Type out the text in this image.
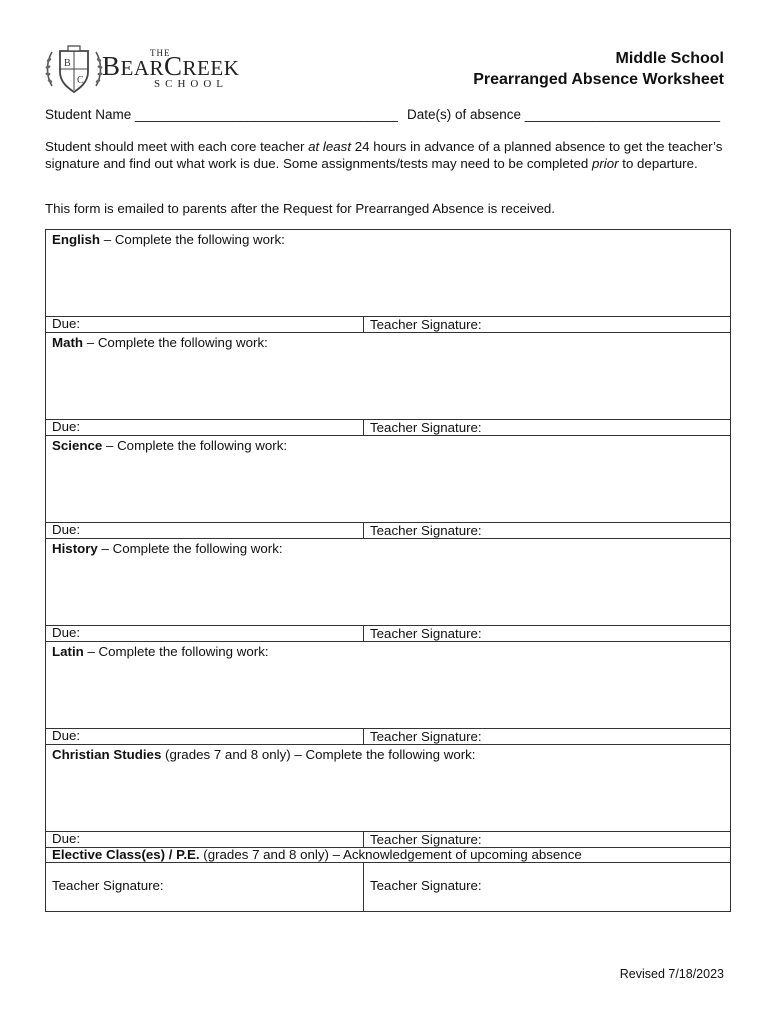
B
C
THE
BEARCREEK
SCHOOL
Middle School
Prearranged Absence Worksheet
Student Name ___________________________________ Date(s) of absence __________________________
Student should meet with each core teacher at least 24 hours in advance of a planned absence to get the teacher’s signature and find out what work is due. Some assignments/tests may need to be completed prior to departure.
This form is emailed to parents after the Request for Prearranged Absence is received.
English – Complete the following work:	
Due:	Teacher Signature:
Math – Complete the following work:	
Due:	Teacher Signature:
Science – Complete the following work:	
Due:	Teacher Signature:
History – Complete the following work:	
Due:	Teacher Signature:
Latin – Complete the following work:	
Due:	Teacher Signature:
Christian Studies (grades 7 and 8 only) – Complete the following work:	
Due:	Teacher Signature:
Elective Class(es) / P.E. (grades 7 and 8 only) – Acknowledgement of upcoming absence	
Teacher Signature:	Teacher Signature:
Revised 7/18/2023
